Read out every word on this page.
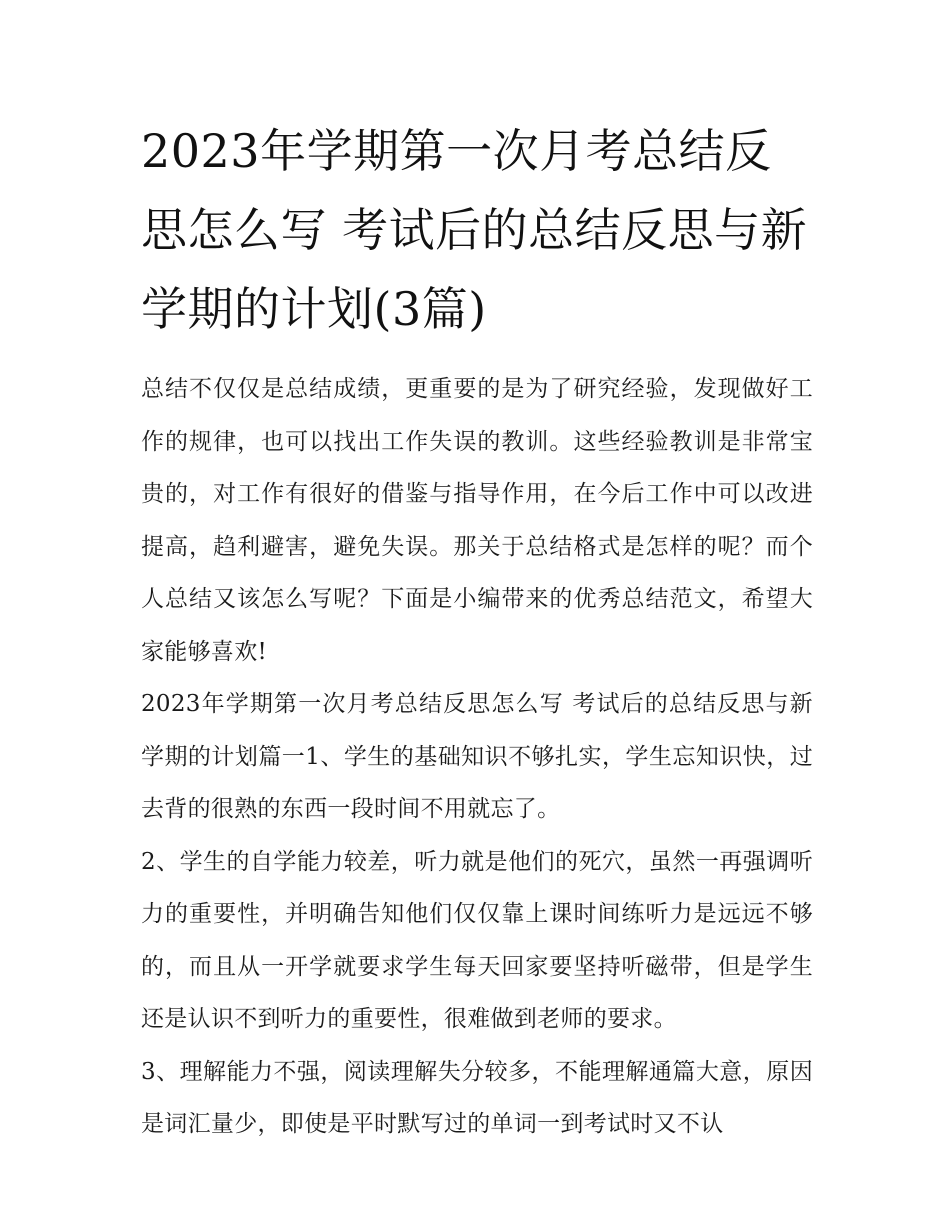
2023年学期第一次月考总结反思怎么写 考试后的总结反思与新学期的计划(3篇)

总结不仅仅是总结成绩，更重要的是为了研究经验，发现做好工作的规律，也可以找出工作失误的教训。这些经验教训是非常宝贵的，对工作有很好的借鉴与指导作用，在今后工作中可以改进提高，趋利避害，避免失误。那关于总结格式是怎样的呢？而个人总结又该怎么写呢？下面是小编带来的优秀总结范文，希望大家能够喜欢!

2023年学期第一次月考总结反思怎么写 考试后的总结反思与新学期的计划篇一1、学生的基础知识不够扎实，学生忘知识快，过去背的很熟的东西一段时间不用就忘了。

2、学生的自学能力较差，听力就是他们的死穴，虽然一再强调听力的重要性，并明确告知他们仅仅靠上课时间练听力是远远不够的，而且从一开学就要求学生每天回家要坚持听磁带，但是学生还是认识不到听力的重要性，很难做到老师的要求。

3、理解能力不强，阅读理解失分较多，不能理解通篇大意，原因是词汇量少，即使是平时默写过的单词一到考试时又不认
